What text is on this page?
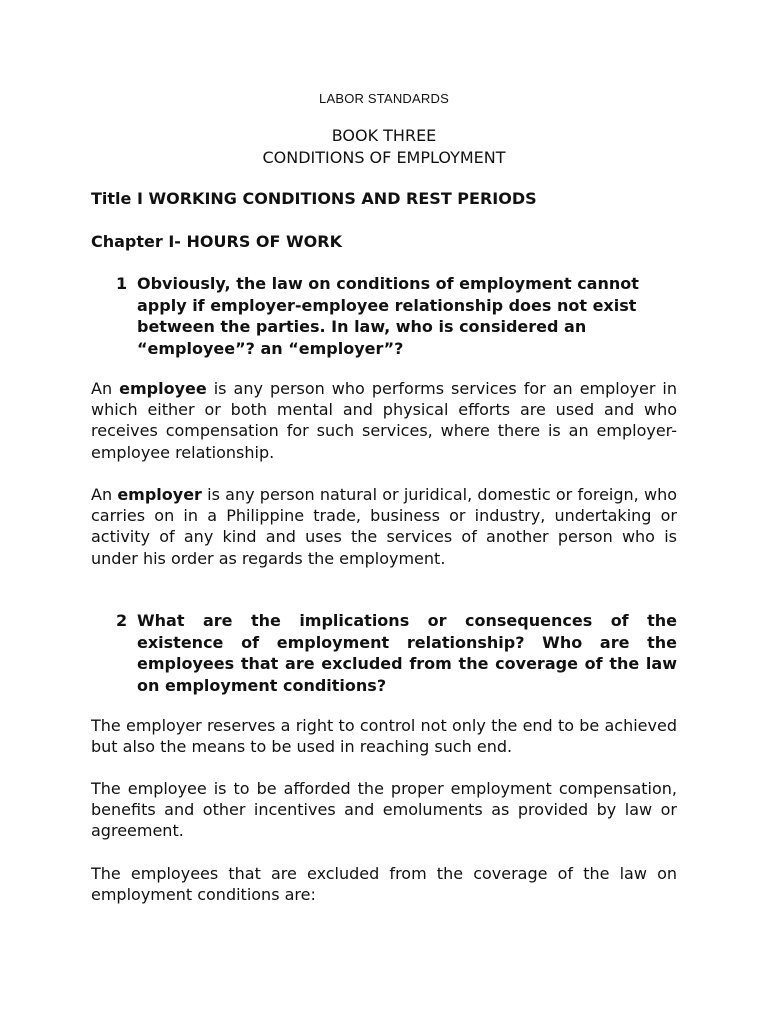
LABOR STANDARDS
BOOK THREE
CONDITIONS OF EMPLOYMENT
Title I WORKING CONDITIONS AND REST PERIODS
Chapter I- HOURS OF WORK
1 Obviously, the law on conditions of employment cannot apply if employer-employee relationship does not exist between the parties. In law, who is considered an “employee”? an “employer”?
An employee is any person who performs services for an employer in which either or both mental and physical efforts are used and who receives compensation for such services, where there is an employer- employee relationship.
An employer is any person natural or juridical, domestic or foreign, who carries on in a Philippine trade, business or industry, undertaking or activity of any kind and uses the services of another person who is under his order as regards the employment.
2 What are the implications or consequences of the existence of employment relationship? Who are the employees that are excluded from the coverage of the law on employment conditions?
The employer reserves a right to control not only the end to be achieved but also the means to be used in reaching such end.
The employee is to be afforded the proper employment compensation, benefits and other incentives and emoluments as provided by law or agreement.
The employees that are excluded from the coverage of the law on employment conditions are:
